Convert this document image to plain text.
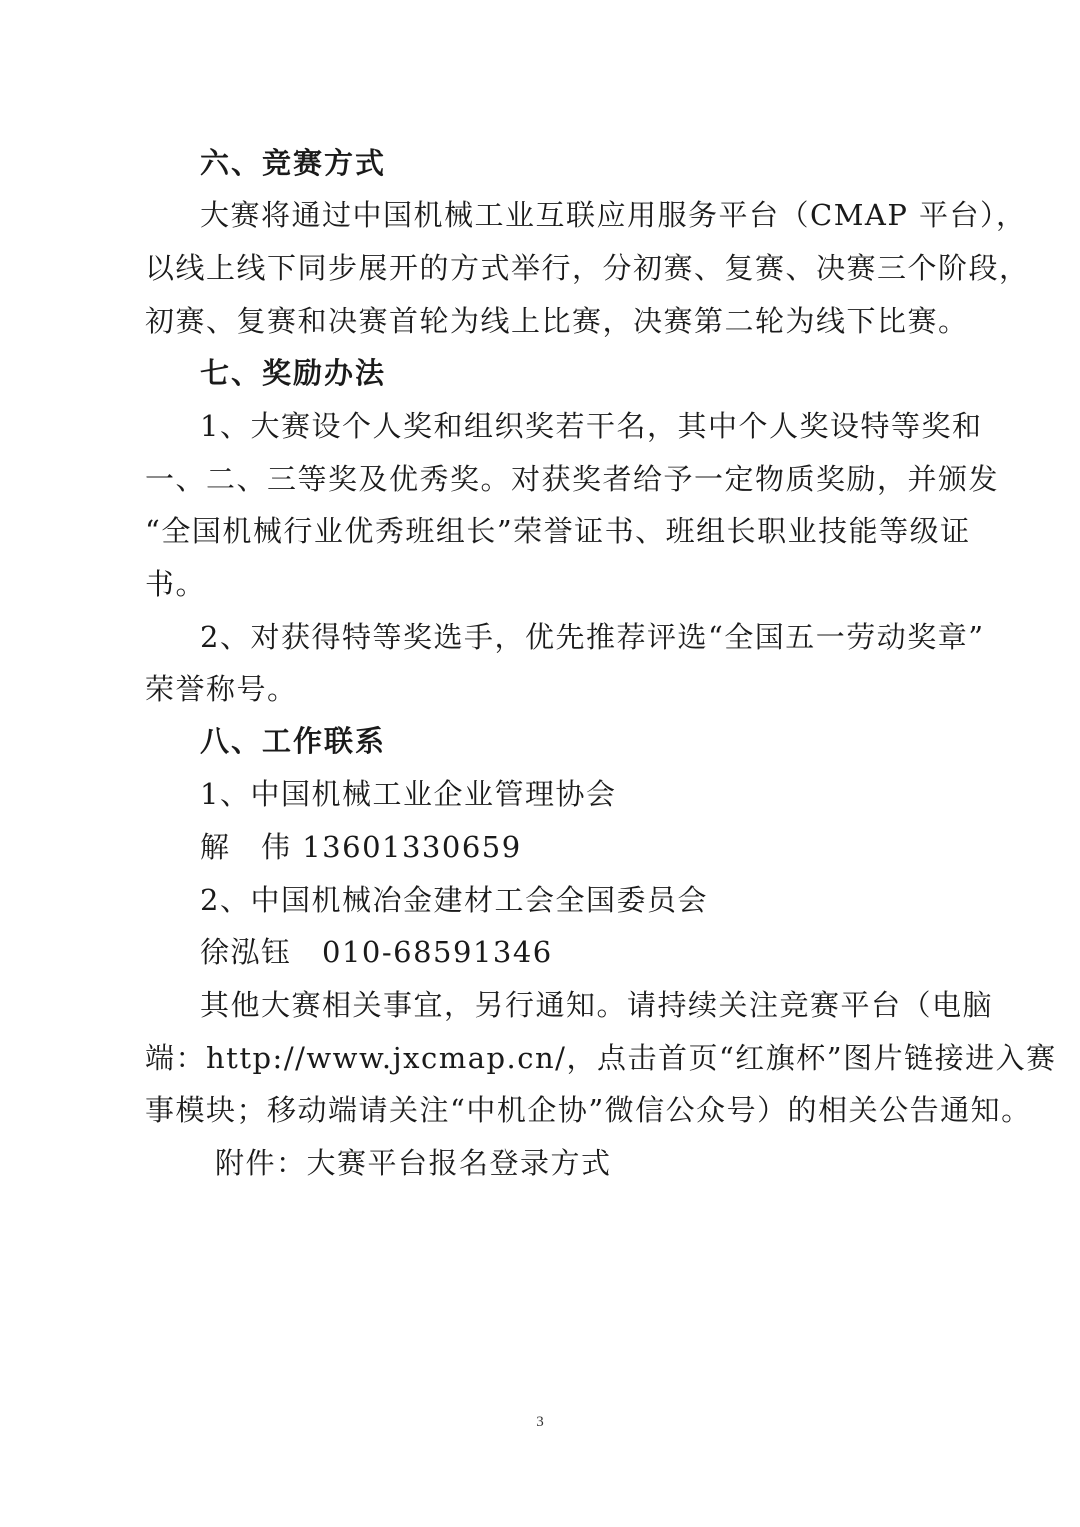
六、竞赛方式
大赛将通过中国机械工业互联应用服务平台（CMAP 平台），
以线上线下同步展开的方式举行，分初赛、复赛、决赛三个阶段，
初赛、复赛和决赛首轮为线上比赛，决赛第二轮为线下比赛。
七、奖励办法
1、大赛设个人奖和组织奖若干名，其中个人奖设特等奖和
一、二、三等奖及优秀奖。对获奖者给予一定物质奖励，并颁发
“全国机械行业优秀班组长”荣誉证书、班组长职业技能等级证
书。
2、对获得特等奖选手，优先推荐评选“全国五一劳动奖章”
荣誉称号。
八、工作联系
1、中国机械工业企业管理协会
解　伟 13601330659
2、中国机械冶金建材工会全国委员会
徐泓钰　010-68591346
其他大赛相关事宜，另行通知。请持续关注竞赛平台（电脑
端：http://www.jxcmap.cn/，点击首页“红旗杯”图片链接进入赛
事模块；移动端请关注“中机企协”微信公众号）的相关公告通知。
附件：大赛平台报名登录方式
3
